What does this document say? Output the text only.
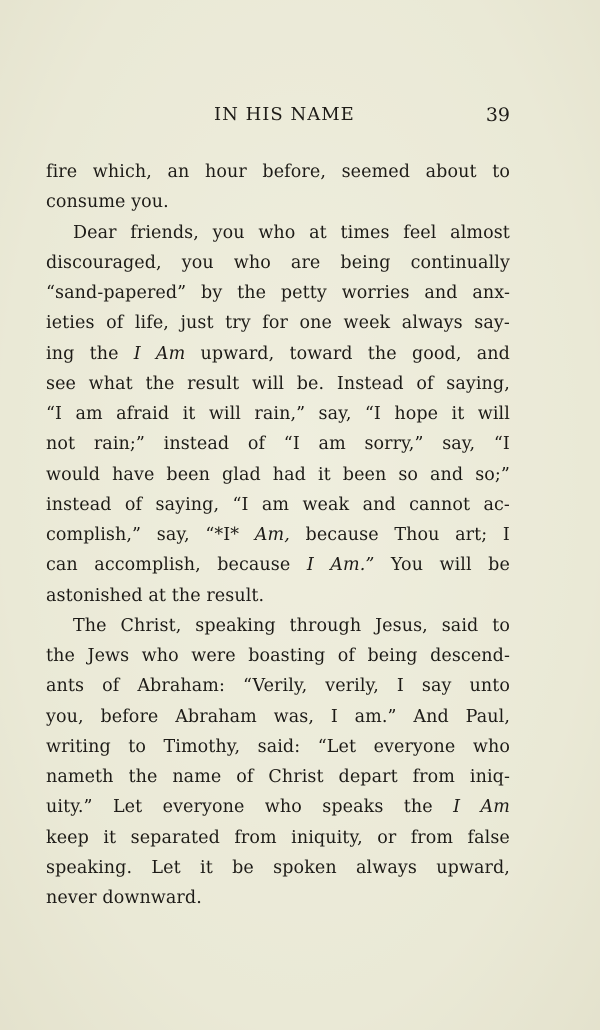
IN HIS NAME	39
fire which, an hour before, seemed about to
consume
you.
Dear friends, you who at times feel almost
discouraged, you who are being continually
“sand-papered” by the petty worries and anx-
ieties of life, just try for one week always say-
ing the I Am upward, toward the good, and
see what the result will be. Instead of saying,
“I am afraid it will rain,” say, “I hope it will
not rain;” instead of “I am sorry,” say, “I
would have been glad had it been so and so;”
instead of saying, “I am weak and cannot ac-
complish,” say, “*I* Am, because Thou art; I
can accomplish, because I Am.” You will be
astonished
at
the
result.
The Christ, speaking through Jesus, said to
the Jews who were boasting of being descend-
ants of Abraham: “Verily, verily, I say unto
you, before Abraham was, I am.” And Paul,
writing to Timothy, said: “Let everyone who
nameth the name of Christ depart from iniq-
uity.” Let everyone who speaks the I Am
keep it separated from iniquity, or from false
speaking. Let it be spoken always upward,
never
downward.
